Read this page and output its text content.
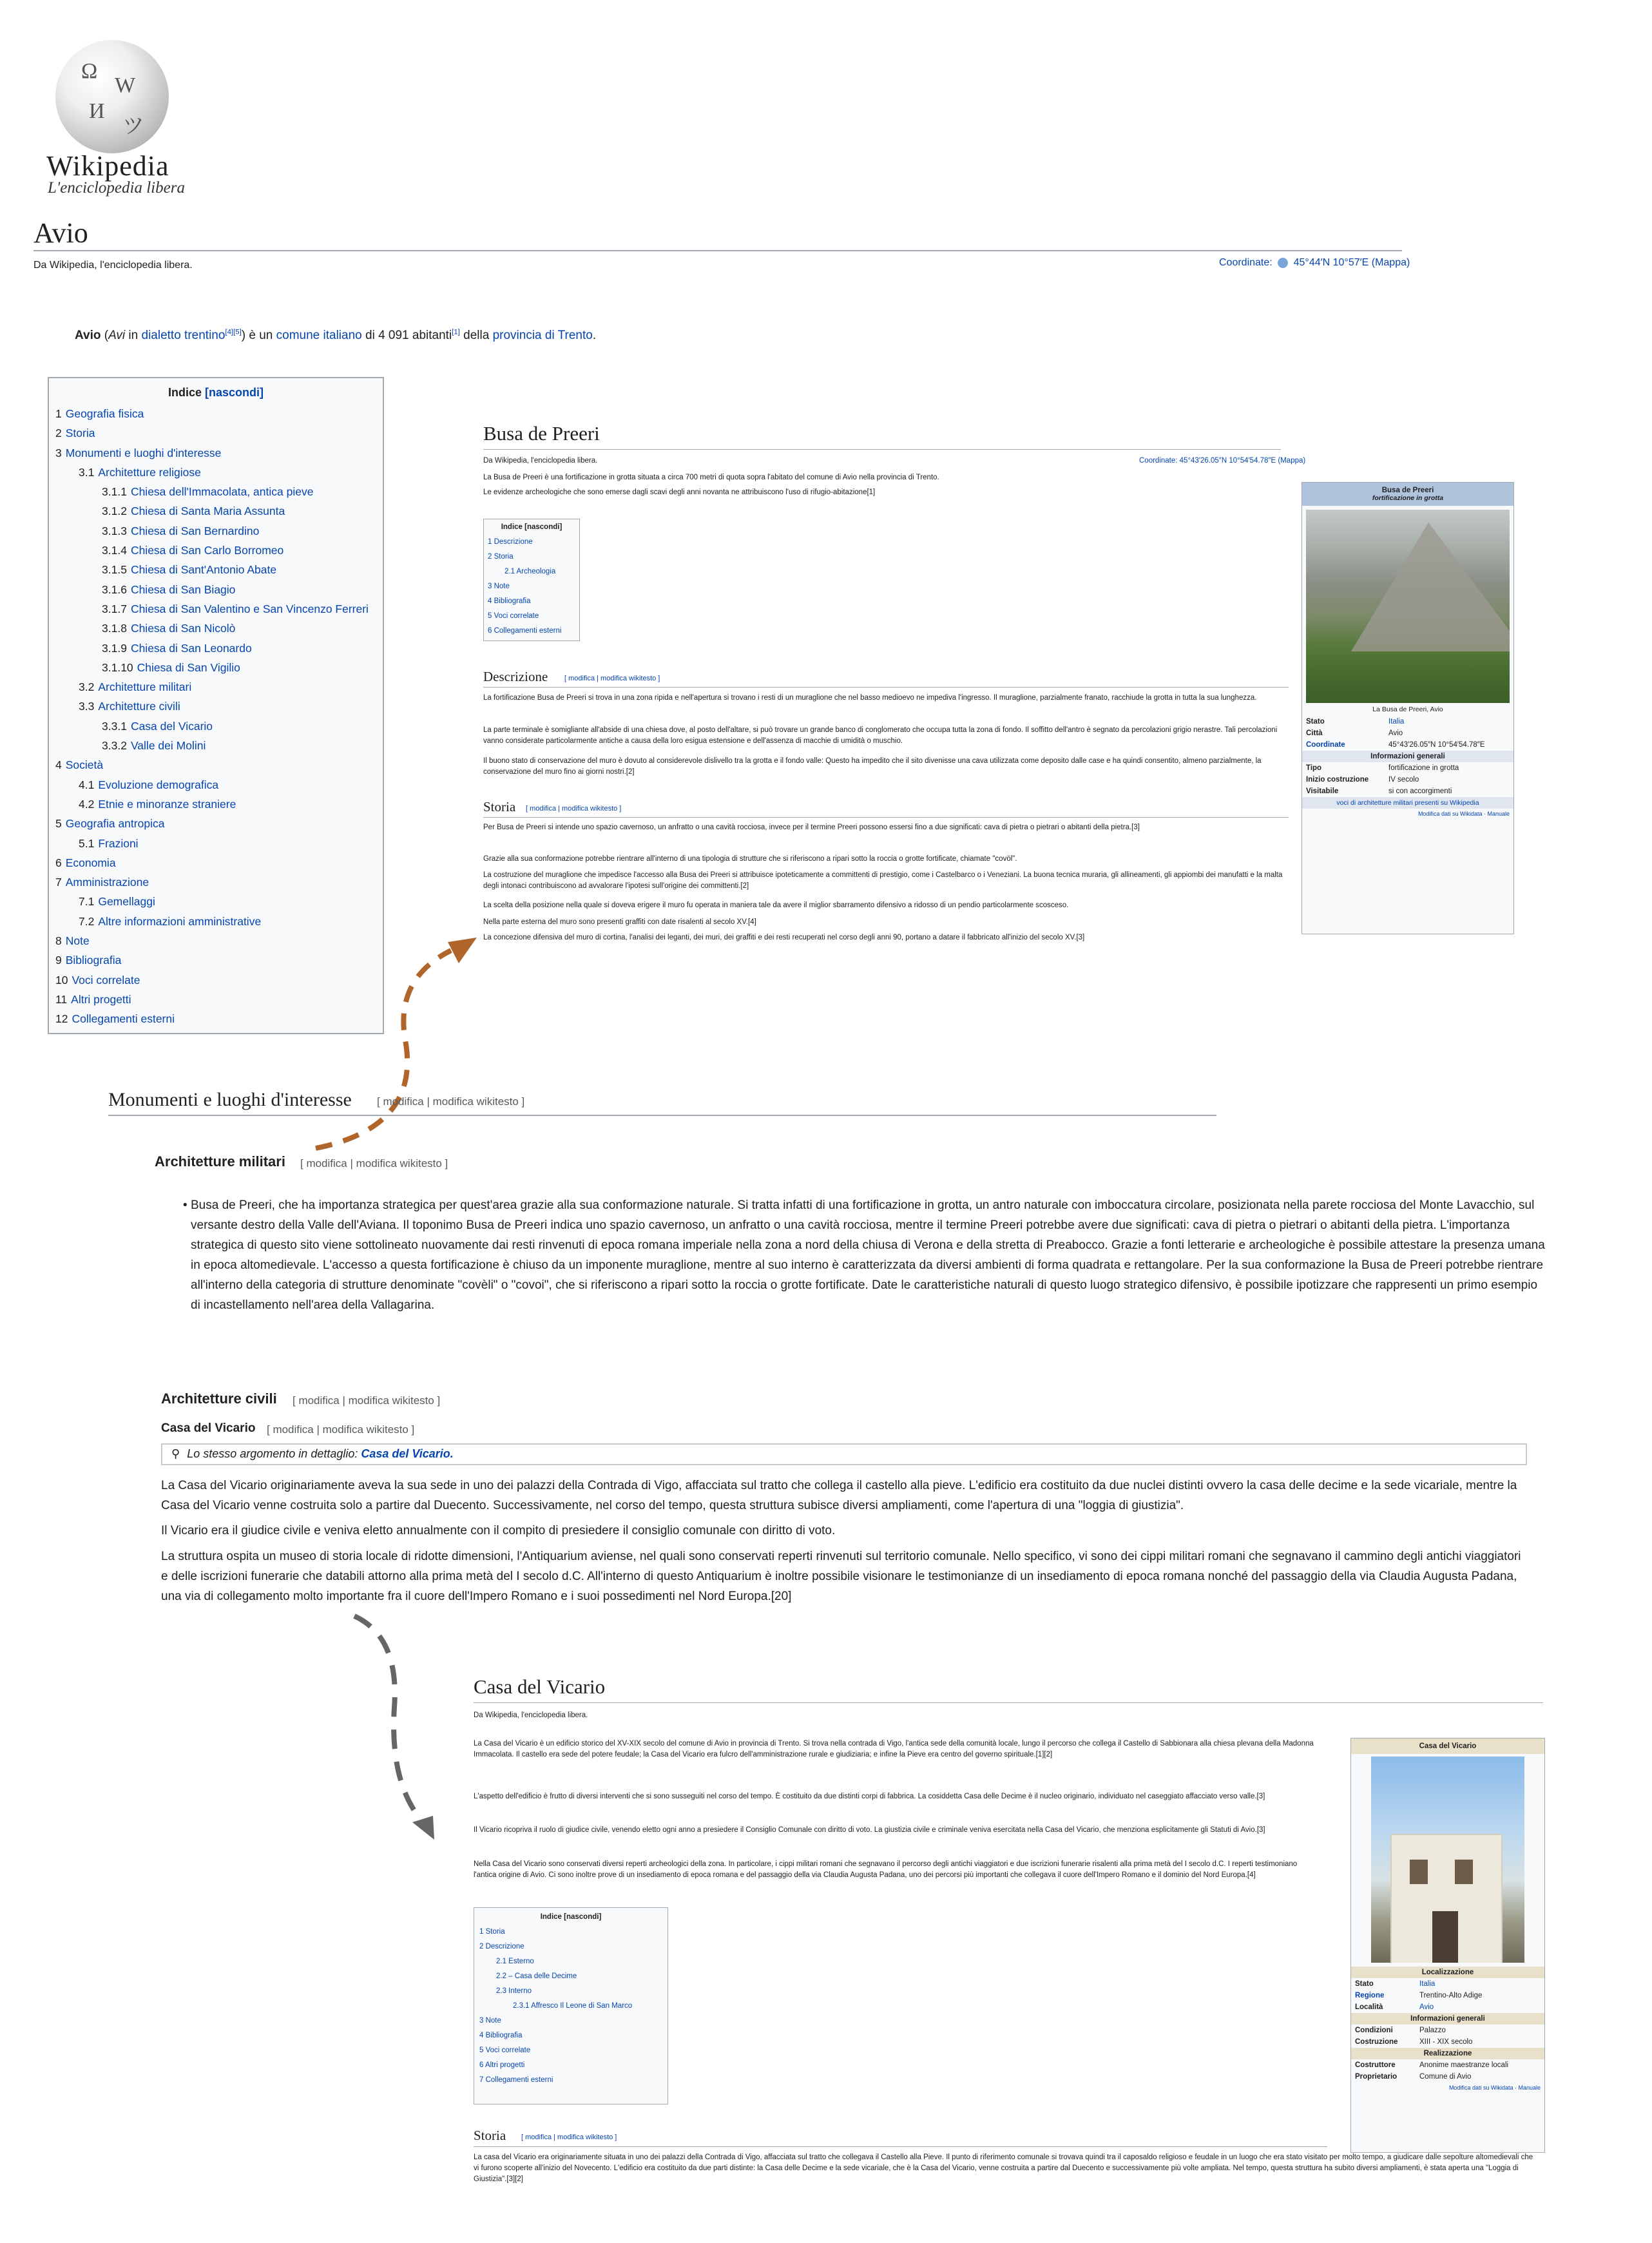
Ω
W
И
ツ
Wikipedia
L'enciclopedia libera
Avio
Da Wikipedia, l'enciclopedia libera.	Coordinate: 45°44′N 10°57′E (Mappa)
Avio (Avi in dialetto trentino[4][5]) è un comune italiano di 4 091 abitanti[1] della provincia di Trento.
Indice [nascondi]
1 Geografia fisica
2 Storia
3 Monumenti e luoghi d'interesse
3.1 Architetture religiose
3.1.1 Chiesa dell'Immacolata, antica pieve
3.1.2 Chiesa di Santa Maria Assunta
3.1.3 Chiesa di San Bernardino
3.1.4 Chiesa di San Carlo Borromeo
3.1.5 Chiesa di Sant'Antonio Abate
3.1.6 Chiesa di San Biagio
3.1.7 Chiesa di San Valentino e San Vincenzo Ferreri
3.1.8 Chiesa di San Nicolò
3.1.9 Chiesa di San Leonardo
3.1.10 Chiesa di San Vigilio
3.2 Architetture militari
3.3 Architetture civili
3.3.1 Casa del Vicario
3.3.2 Valle dei Molini
4 Società
4.1 Evoluzione demografica
4.2 Etnie e minoranze straniere
5 Geografia antropica
5.1 Frazioni
6 Economia
7 Amministrazione
7.1 Gemellaggi
7.2 Altre informazioni amministrative
8 Note
9 Bibliografia
10 Voci correlate
11 Altri progetti
12 Collegamenti esterni
Busa de Preeri
Da Wikipedia, l'enciclopedia libera.	Coordinate: 45°43′26.05″N 10°54′54.78″E (Mappa)
La Busa de Preeri è una fortificazione in grotta situata a circa 700 metri di quota sopra l'abitato del comune di Avio nella provincia di Trento.
Le evidenze archeologiche che sono emerse dagli scavi degli anni novanta ne attribuiscono l'uso di rifugio-abitazione[1]
Indice [nascondi]
1 Descrizione
2 Storia
2.1 Archeologia
3 Note
4 Bibliografia
5 Voci correlate
6 Collegamenti esterni
Descrizione [ modifica | modifica wikitesto ]
La fortificazione Busa de Preeri si trova in una zona ripida e nell'apertura si trovano i resti di un muraglione che nel basso medioevo ne impediva l'ingresso. Il muraglione, parzialmente franato, racchiude la grotta in tutta la sua lunghezza.
La parte terminale è somigliante all'abside di una chiesa dove, al posto dell'altare, si può trovare un grande banco di conglomerato che occupa tutta la zona di fondo. Il soffitto dell'antro è segnato da percolazioni grigio nerastre. Tali percolazioni vanno considerate particolarmente antiche a causa della loro esigua estensione e dell'assenza di macchie di umidità o muschio.
Il buono stato di conservazione del muro è dovuto al considerevole dislivello tra la grotta e il fondo valle: Questo ha impedito che il sito divenisse una cava utilizzata come deposito dalle case e ha quindi consentito, almeno parzialmente, la conservazione del muro fino ai giorni nostri.[2]
Storia [ modifica | modifica wikitesto ]
Per Busa de Preeri si intende uno spazio cavernoso, un anfratto o una cavità rocciosa, invece per il termine Preeri possono essersi fino a due significati: cava di pietra o pietrari o abitanti della pietra.[3]
Grazie alla sua conformazione potrebbe rientrare all'interno di una tipologia di strutture che si riferiscono a ripari sotto la roccia o grotte fortificate, chiamate "covöl".
La costruzione del muraglione che impedisce l'accesso alla Busa dei Preeri si attribuisce ipoteticamente a committenti di prestigio, come i Castelbarco o i Veneziani. La buona tecnica muraria, gli allineamenti, gli appiombi dei manufatti e la malta degli intonaci contribuiscono ad avvalorare l'ipotesi sull'origine dei committenti.[2]
La scelta della posizione nella quale si doveva erigere il muro fu operata in maniera tale da avere il miglior sbarramento difensivo a ridosso di un pendio particolarmente scosceso.
Nella parte esterna del muro sono presenti graffiti con date risalenti al secolo XV.[4]
La concezione difensiva del muro di cortina, l'analisi dei leganti, dei muri, dei graffiti e dei resti recuperati nel corso degli anni 90, portano a datare il fabbricato all'inizio del secolo XV.[3]
Busa de Preeri
fortificazione in grotta
La Busa de Preeri, Avio
Stato	Italia
Città	Avio
Coordinate	45°43′26.05″N 10°54′54.78″E
Informazioni generali
Tipo	fortificazione in grotta
Inizio costruzione	IV secolo
Visitabile	si con accorgimenti
voci di architetture militari presenti su Wikipedia
Modifica dati su Wikidata · Manuale
Monumenti e luoghi d'interesse [ modifica | modifica wikitesto ]
Architetture militari [ modifica | modifica wikitesto ]
• Busa de Preeri, che ha importanza strategica per quest'area grazie alla sua conformazione naturale. Si tratta infatti di una fortificazione in grotta, un antro naturale con imboccatura circolare, posizionata nella parete rocciosa del Monte Lavacchio, sul versante destro della Valle dell'Aviana. Il toponimo Busa de Preeri indica uno spazio cavernoso, un anfratto o una cavità rocciosa, mentre il termine Preeri potrebbe avere due significati: cava di pietra o pietrari o abitanti della pietra. L'importanza strategica di questo sito viene sottolineato nuovamente dai resti rinvenuti di epoca romana imperiale nella zona a nord della chiusa di Verona e della stretta di Preabocco. Grazie a fonti letterarie e archeologiche è possibile attestare la presenza umana in epoca altomedievale. L'accesso a questa fortificazione è chiuso da un imponente muraglione, mentre al suo interno è caratterizzata da diversi ambienti di forma quadrata e rettangolare. Per la sua conformazione la Busa de Preeri potrebbe rientrare all'interno della categoria di strutture denominate "covèli" o "covoi", che si riferiscono a ripari sotto la roccia o grotte fortificate. Date le caratteristiche naturali di questo luogo strategico difensivo, è possibile ipotizzare che rappresenti un primo esempio di incastellamento nell'area della Vallagarina.
Architetture civili [ modifica | modifica wikitesto ]
Casa del Vicario [ modifica | modifica wikitesto ]
⚲ Lo stesso argomento in dettaglio: Casa del Vicario.
La Casa del Vicario originariamente aveva la sua sede in uno dei palazzi della Contrada di Vigo, affacciata sul tratto che collega il castello alla pieve. L'edificio era costituito da due nuclei distinti ovvero la casa delle decime e la sede vicariale, mentre la Casa del Vicario venne costruita solo a partire dal Duecento. Successivamente, nel corso del tempo, questa struttura subisce diversi ampliamenti, come l'apertura di una "loggia di giustizia".
Il Vicario era il giudice civile e veniva eletto annualmente con il compito di presiedere il consiglio comunale con diritto di voto.
La struttura ospita un museo di storia locale di ridotte dimensioni, l'Antiquarium aviense, nel quali sono conservati reperti rinvenuti sul territorio comunale. Nello specifico, vi sono dei cippi militari romani che segnavano il cammino degli antichi viaggiatori e delle iscrizioni funerarie che databili attorno alla prima metà del I secolo d.C. All'interno di questo Antiquarium è inoltre possibile visionare le testimonianze di un insediamento di epoca romana nonché del passaggio della via Claudia Augusta Padana, una via di collegamento molto importante fra il cuore dell'Impero Romano e i suoi possedimenti nel Nord Europa.[20]
Casa del Vicario
Da Wikipedia, l'enciclopedia libera.
La Casa del Vicario è un edificio storico del XV-XIX secolo del comune di Avio in provincia di Trento. Si trova nella contrada di Vigo, l'antica sede della comunità locale, lungo il percorso che collega il Castello di Sabbionara alla chiesa plevana della Madonna Immacolata. Il castello era sede del potere feudale; la Casa del Vicario era fulcro dell'amministrazione rurale e giudiziaria; e infine la Pieve era centro del governo spirituale.[1][2]
L'aspetto dell'edificio è frutto di diversi interventi che si sono susseguiti nel corso del tempo. È costituito da due distinti corpi di fabbrica. La cosiddetta Casa delle Decime è il nucleo originario, individuato nel caseggiato affacciato verso valle.[3]
Il Vicario ricopriva il ruolo di giudice civile, venendo eletto ogni anno a presiedere il Consiglio Comunale con diritto di voto. La giustizia civile e criminale veniva esercitata nella Casa del Vicario, che menziona esplicitamente gli Statuti di Avio.[3]
Nella Casa del Vicario sono conservati diversi reperti archeologici della zona. In particolare, i cippi militari romani che segnavano il percorso degli antichi viaggiatori e due iscrizioni funerarie risalenti alla prima metà del I secolo d.C. I reperti testimoniano l'antica origine di Avio. Ci sono inoltre prove di un insediamento di epoca romana e del passaggio della via Claudia Augusta Padana, uno dei percorsi più importanti che collegava il cuore dell'Impero Romano e il dominio del Nord Europa.[4]
Indice [nascondi]
1 Storia
2 Descrizione
2.1 Esterno
2.2 – Casa delle Decime
2.3 Interno
2.3.1 Affresco Il Leone di San Marco
3 Note
4 Bibliografia
5 Voci correlate
6 Altri progetti
7 Collegamenti esterni
Storia [ modifica | modifica wikitesto ]
La casa del Vicario era originariamente situata in uno dei palazzi della Contrada di Vigo, affacciata sul tratto che collegava il Castello alla Pieve. Il punto di riferimento comunale si trovava quindi tra il caposaldo religioso e feudale in un luogo che era stato visitato per molto tempo, a giudicare dalle sepolture altomedievali che vi furono scoperte all'inizio del Novecento. L'edificio era costituito da due parti distinte: la Casa delle Decime e la sede vicariale, che è la Casa del Vicario, venne costruita a partire dal Duecento e successivamente più volte ampliata. Nel tempo, questa struttura ha subito diversi ampliamenti, è stata aperta una "Loggia di Giustizia".[3][2]
Casa del Vicario
Localizzazione
Stato	Italia
Regione	Trentino-Alto Adige
Località	Avio
Informazioni generali
Condizioni	Palazzo
Costruzione	XIII - XIX secolo
Realizzazione
Costruttore	Anonime maestranze locali
Proprietario	Comune di Avio
Modifica dati su Wikidata · Manuale
